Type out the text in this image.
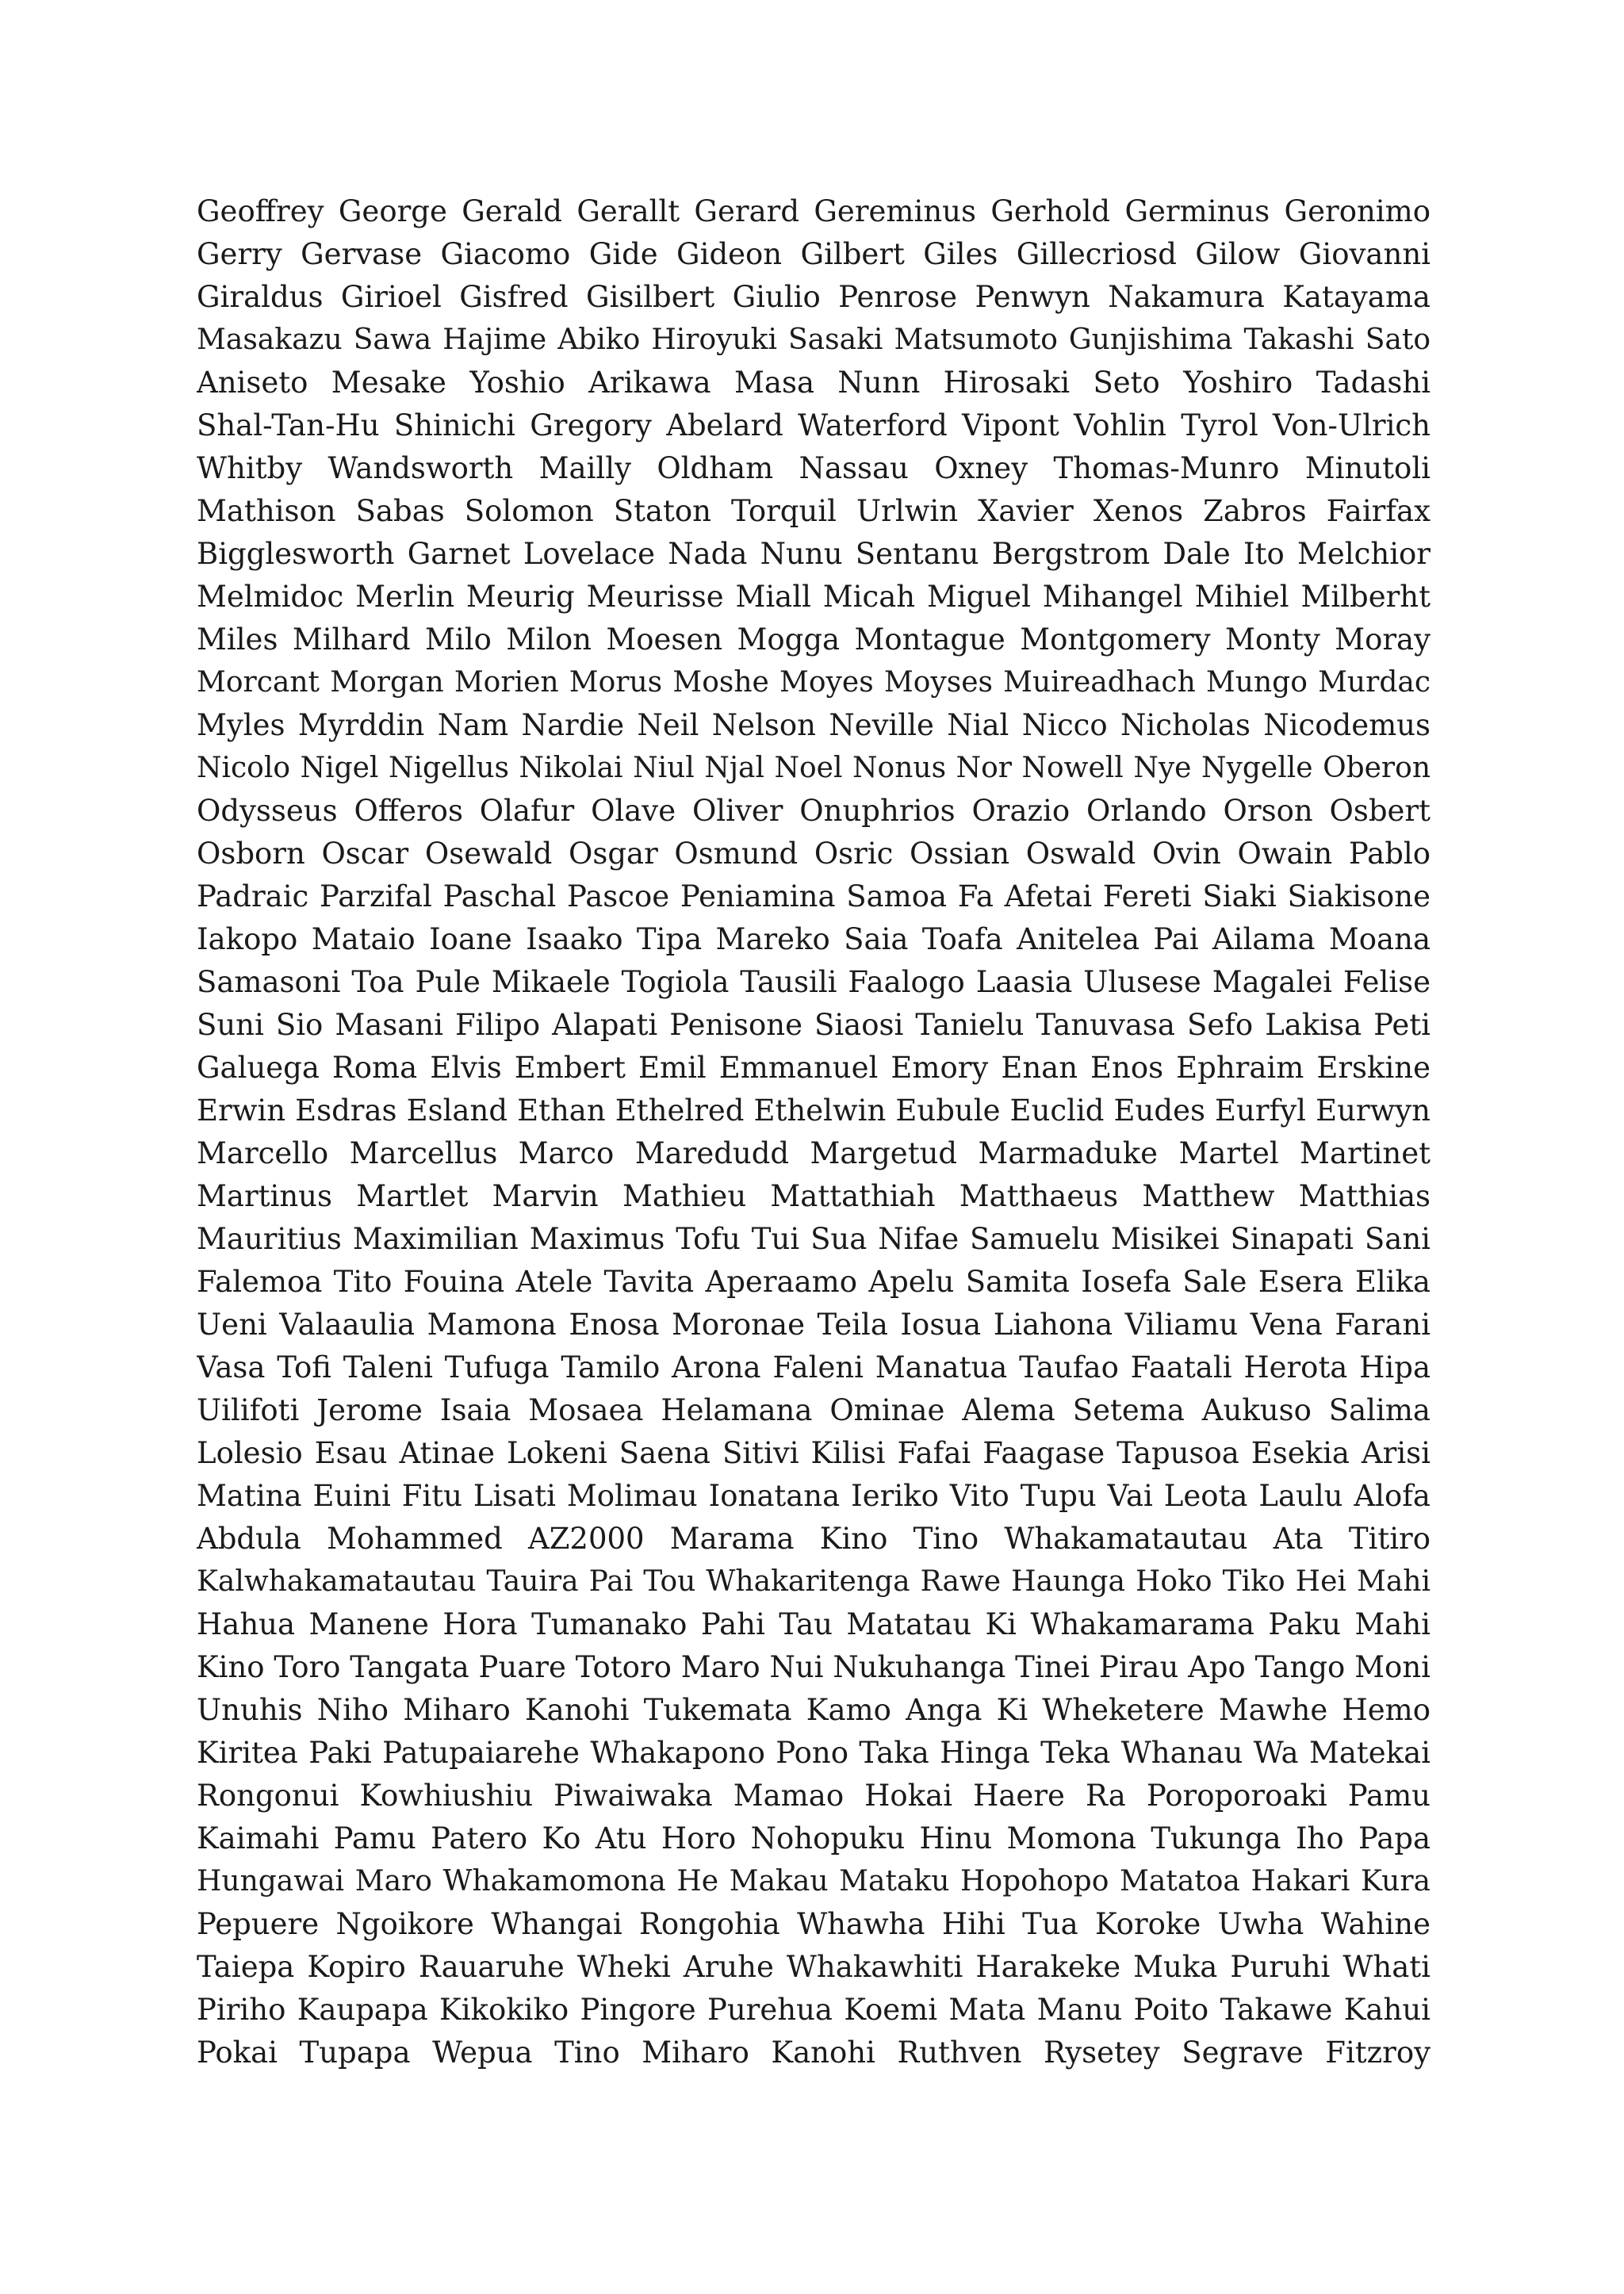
Geoffrey George Gerald Gerallt Gerard Gereminus Gerhold Germinus Geronimo
Gerry Gervase Giacomo Gide Gideon Gilbert Giles Gillecriosd Gilow Giovanni
Giraldus Girioel Gisfred Gisilbert Giulio Penrose Penwyn Nakamura Katayama
Masakazu Sawa Hajime Abiko Hiroyuki Sasaki Matsumoto Gunjishima Takashi Sato
Aniseto Mesake Yoshio Arikawa Masa Nunn Hirosaki Seto Yoshiro Tadashi
Shal-Tan-Hu Shinichi Gregory Abelard Waterford Vipont Vohlin Tyrol Von-Ulrich
Whitby Wandsworth Mailly Oldham Nassau Oxney Thomas-Munro Minutoli
Mathison Sabas Solomon Staton Torquil Urlwin Xavier Xenos Zabros Fairfax
Bigglesworth Garnet Lovelace Nada Nunu Sentanu Bergstrom Dale Ito Melchior
Melmidoc Merlin Meurig Meurisse Miall Micah Miguel Mihangel Mihiel Milberht
Miles Milhard Milo Milon Moesen Mogga Montague Montgomery Monty Moray
Morcant Morgan Morien Morus Moshe Moyes Moyses Muireadhach Mungo Murdac
Myles Myrddin Nam Nardie Neil Nelson Neville Nial Nicco Nicholas Nicodemus
Nicolo Nigel Nigellus Nikolai Niul Njal Noel Nonus Nor Nowell Nye Nygelle Oberon
Odysseus Offeros Olafur Olave Oliver Onuphrios Orazio Orlando Orson Osbert
Osborn Oscar Osewald Osgar Osmund Osric Ossian Oswald Ovin Owain Pablo
Padraic Parzifal Paschal Pascoe Peniamina Samoa Fa Afetai Fereti Siaki Siakisone
Iakopo Mataio Ioane Isaako Tipa Mareko Saia Toafa Anitelea Pai Ailama Moana
Samasoni Toa Pule Mikaele Togiola Tausili Faalogo Laasia Ulusese Magalei Felise
Suni Sio Masani Filipo Alapati Penisone Siaosi Tanielu Tanuvasa Sefo Lakisa Peti
Galuega Roma Elvis Embert Emil Emmanuel Emory Enan Enos Ephraim Erskine
Erwin Esdras Esland Ethan Ethelred Ethelwin Eubule Euclid Eudes Eurfyl Eurwyn
Marcello Marcellus Marco Maredudd Margetud Marmaduke Martel Martinet
Martinus Martlet Marvin Mathieu Mattathiah Matthaeus Matthew Matthias
Mauritius Maximilian Maximus Tofu Tui Sua Nifae Samuelu Misikei Sinapati Sani
Falemoa Tito Fouina Atele Tavita Aperaamo Apelu Samita Iosefa Sale Esera Elika
Ueni Valaaulia Mamona Enosa Moronae Teila Iosua Liahona Viliamu Vena Farani
Vasa Tofi Taleni Tufuga Tamilo Arona Faleni Manatua Taufao Faatali Herota Hipa
Uilifoti Jerome Isaia Mosaea Helamana Ominae Alema Setema Aukuso Salima
Lolesio Esau Atinae Lokeni Saena Sitivi Kilisi Fafai Faagase Tapusoa Esekia Arisi
Matina Euini Fitu Lisati Molimau Ionatana Ieriko Vito Tupu Vai Leota Laulu Alofa
Abdula Mohammed AZ2000 Marama Kino Tino Whakamatautau Ata Titiro
Kalwhakamatautau Tauira Pai Tou Whakaritenga Rawe Haunga Hoko Tiko Hei Mahi
Hahua Manene Hora Tumanako Pahi Tau Matatau Ki Whakamarama Paku Mahi
Kino Toro Tangata Puare Totoro Maro Nui Nukuhanga Tinei Pirau Apo Tango Moni
Unuhis Niho Miharo Kanohi Tukemata Kamo Anga Ki Wheketere Mawhe Hemo
Kiritea Paki Patupaiarehe Whakapono Pono Taka Hinga Teka Whanau Wa Matekai
Rongonui Kowhiushiu Piwaiwaka Mamao Hokai Haere Ra Poroporoaki Pamu
Kaimahi Pamu Patero Ko Atu Horo Nohopuku Hinu Momona Tukunga Iho Papa
Hungawai Maro Whakamomona He Makau Mataku Hopohopo Matatoa Hakari Kura
Pepuere Ngoikore Whangai Rongohia Whawha Hihi Tua Koroke Uwha Wahine
Taiepa Kopiro Rauaruhe Wheki Aruhe Whakawhiti Harakeke Muka Puruhi Whati
Piriho Kaupapa Kikokiko Pingore Purehua Koemi Mata Manu Poito Takawe Kahui
Pokai Tupapa Wepua Tino Miharo Kanohi Ruthven Rysetey Segrave Fitzroy
